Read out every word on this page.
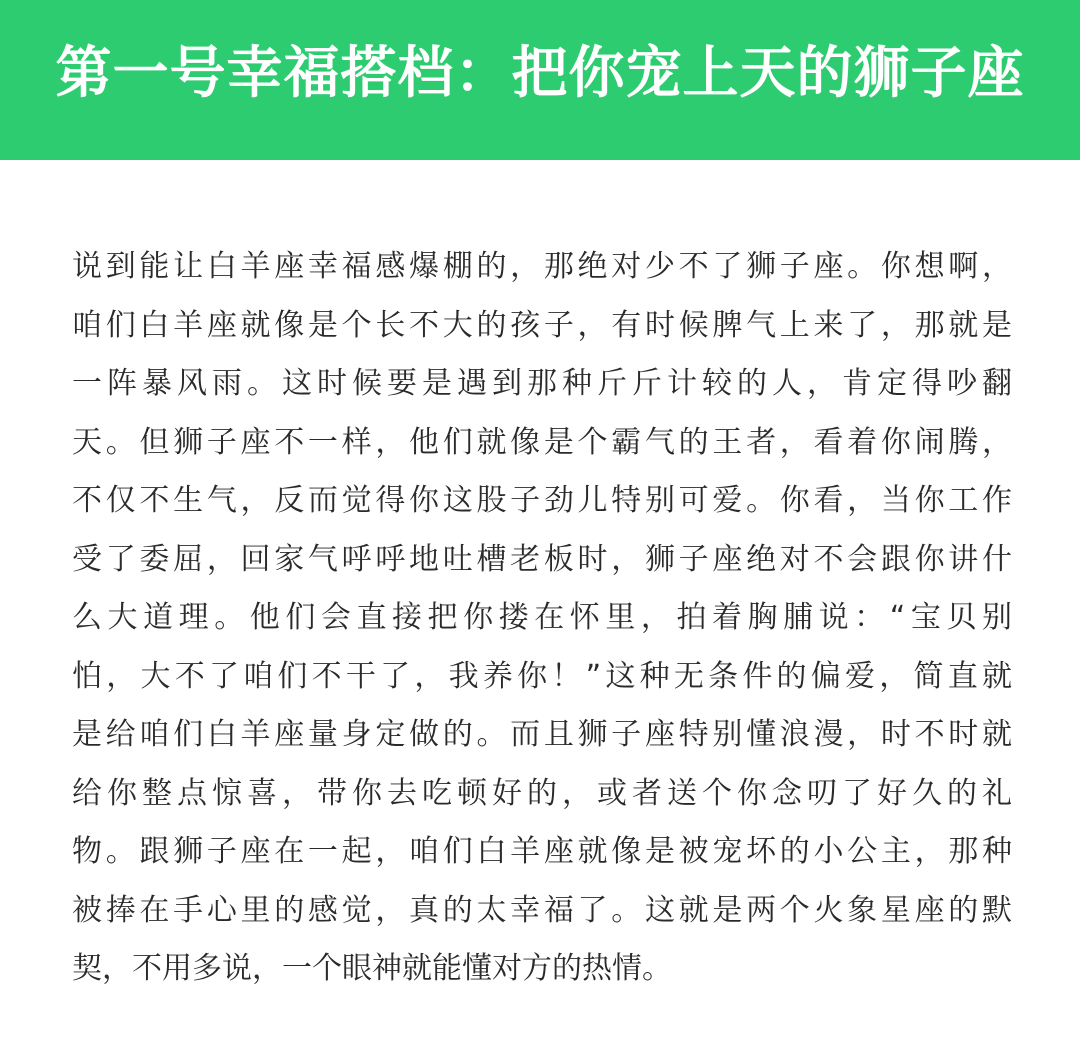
第一号幸福搭档：把你宠上天的狮子座
说到能让白羊座幸福感爆棚的，那绝对少不了狮子座。你想啊，
咱们白羊座就像是个长不大的孩子，有时候脾气上来了，那就是
一阵暴风雨。这时候要是遇到那种斤斤计较的人，肯定得吵翻
天。但狮子座不一样，他们就像是个霸气的王者，看着你闹腾，
不仅不生气，反而觉得你这股子劲儿特别可爱。你看，当你工作
受了委屈，回家气呼呼地吐槽老板时，狮子座绝对不会跟你讲什
么大道理。他们会直接把你搂在怀里，拍着胸脯说：“宝贝别
怕，大不了咱们不干了，我养你！”这种无条件的偏爱，简直就
是给咱们白羊座量身定做的。而且狮子座特别懂浪漫，时不时就
给你整点惊喜，带你去吃顿好的，或者送个你念叨了好久的礼
物。跟狮子座在一起，咱们白羊座就像是被宠坏的小公主，那种
被捧在手心里的感觉，真的太幸福了。这就是两个火象星座的默
契，不用多说，一个眼神就能懂对方的热情。
